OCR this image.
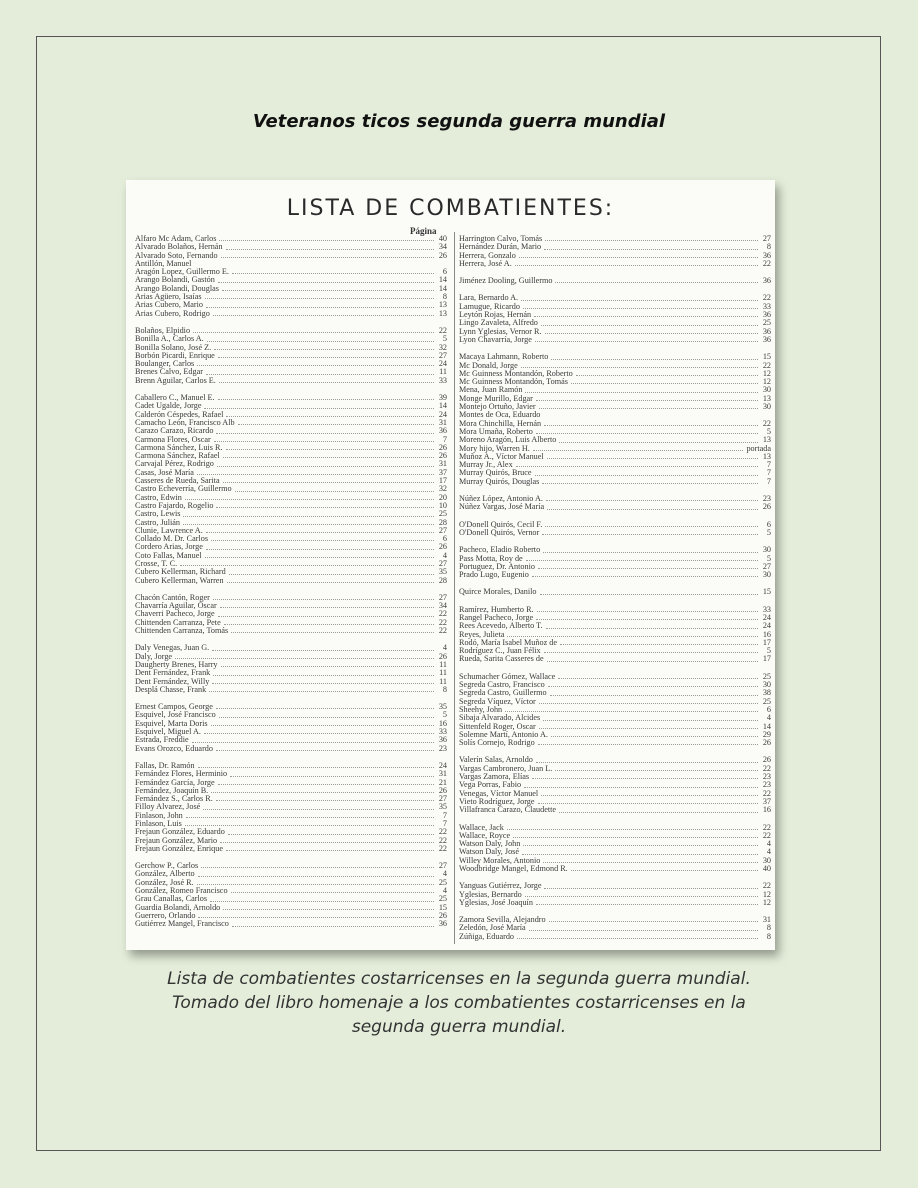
Veteranos ticos segunda guerra mundial
LISTA DE COMBATIENTES:
Página
Alfaro Mc Adam, Carlos	40
Alvarado Bolaños, Hernán	34
Alvarado Soto, Fernando	26
Antillón, Manuel
Aragón Lopez, Guillermo E.	6
Arango Bolandi, Gastón	14
Arango Bolandi, Douglas	14
Arias Agüero, Isaías	8
Arias Cubero, Mario	13
Arias Cubero, Rodrigo	13
Bolaños, Elpidio	22
Bonilla A., Carlos A.	5
Bonilla Solano, José Z.	32
Borbón Picardi, Enrique	27
Boulanger, Carlos	24
Brenes Calvo, Edgar	11
Brenn Aguilar, Carlos E.	33
Caballero C., Manuel E.	39
Cadet Ugalde, Jorge	14
Calderón Céspedes, Rafael	24
Camacho León, Francisco Alb	31
Carazo Carazo, Ricardo	36
Carmona Flores, Oscar	7
Carmona Sánchez, Luis R.	26
Carmona Sánchez, Rafael	26
Carvajal Pérez, Rodrigo	31
Casas, José María	37
Casseres de Rueda, Sarita	17
Castro Echeverría, Guillermo	32
Castro, Edwin	20
Castro Fajardo, Rogelio	10
Castro, Lewis	25
Castro, Julián	28
Clunie, Lawrence A.	27
Collado M. Dr. Carlos	6
Cordero Arias, Jorge	26
Coto Fallas, Manuel	4
Crosse, T. C.	27
Cubero Kellerman, Richard	35
Cubero Kellerman, Warren	28
Chacón Cantón, Roger	27
Chavarría Aguilar, Oscar	34
Chaverri Pacheco, Jorge	22
Chittenden Carranza, Pete	22
Chittenden Carranza, Tomás	22
Daly Venegas, Juan G.	4
Daly, Jorge	26
Daugherty Brenes, Harry	11
Dent Fernández, Frank	11
Dent Fernández, Willy	11
Desplá Chasse, Frank	8
Ernest Campos, George	35
Esquivel, José Francisco	5
Esquivel, Marta Doris	16
Esquivel, Miguel A.	33
Estrada, Freddie	36
Evans Orozco, Eduardo	23
Fallas, Dr. Ramón	24
Fernández Flores, Herminio	31
Fernández García, Jorge	21
Fernández, Joaquín B.	26
Fernández S., Carlos R.	27
Filloy Alvarez, José	35
Finlason, John	7
Finlason, Luis	7
Frejaun González, Eduardo	22
Frejaun González, Mario	22
Frejaun González, Enrique	22
Gerchow P., Carlos	27
González, Alberto	4
González, José R.	25
González, Romeo Francisco	4
Grau Canallas, Carlos	25
Guardia Bolandi, Arnoldo	15
Guerrero, Orlando	26
Gutiérrez Mangel, Francisco	36
Harrington Calvo, Tomás	27
Hernández Durán, Mario	8
Herrera, Gonzalo	36
Herrera, José A.	22
Jiménez Dooling, Guillermo	36
Lara, Bernardo A.	22
Lamugue, Ricardo	33
Leytón Rojas, Hernán	36
Lingo Zavaleta, Alfredo	25
Lynn Yglesias, Vernor R.	36
Lyon Chavarría, Jorge	36
Macaya Lahmann, Roberto	15
Mc Donald, Jorge	22
Mc Guinness Montandón, Roberto	12
Mc Guinness Montandón, Tomás	12
Mena, Juan Ramón	30
Monge Murillo, Edgar	13
Montejo Ortuño, Javier	30
Montes de Oca, Eduardo
Mora Chinchilla, Hernán	22
Mora Umaña, Roberto	5
Moreno Aragón, Luis Alberto	13
Mory hijo, Warren H.	portada
Muñoz A., Víctor Manuel	13
Murray Jr., Alex	7
Murray Quirós, Bruce	7
Murray Quirós, Douglas	7
Núñez López, Antonio A.	23
Núñez Vargas, José María	26
O'Donell Quirós, Cecil F.	6
O'Donell Quirós, Vernor	5
Pacheco, Eladio Roberto	30
Pass Motta, Roy de	5
Portuguez, Dr. Antonio	27
Prado Lugo, Eugenio	30
Quirce Morales, Danilo	15
Ramírez, Humberto R.	33
Rangel Pacheco, Jorge	24
Rees Acevedo, Alberto T.	24
Reyes, Julieta	16
Rodó, María Isabel Muñoz de	17
Rodríguez C., Juan Félix	5
Rueda, Sarita Casseres de	17
Schumacher Gómez, Wallace	25
Segreda Castro, Francisco	30
Segreda Castro, Guillermo	38
Segreda Víquez, Víctor	25
Sheehy, John	6
Sibaja Alvarado, Alcides	4
Sittenfeld Roger, Oscar	14
Solemne Martí, Antonio A.	29
Solís Cornejo, Rodrigo	26
Valerín Salas, Arnoldo	26
Vargas Cambronero, Juan L.	22
Vargas Zamora, Elías	23
Vega Porras, Fabio	23
Venegas, Víctor Manuel	22
Vieto Rodríguez, Jorge	37
Villafranca Carazo, Claudette	16
Wallace, Jack	22
Wallace, Royce	22
Watson Daly, John	4
Watson Daly, José	4
Willey Morales, Antonio	30
Woodbridge Mangel, Edmond R.	40
Yanguas Gutiérrez, Jorge	22
Yglesias, Bernardo	12
Yglesias, José Joaquín	12
Zamora Sevilla, Alejandro	31
Zeledón, José María	8
Zúñiga, Eduardo	8
Lista de combatientes costarricenses en la segunda guerra mundial.
Tomado del libro homenaje a los combatientes costarricenses en la
segunda guerra mundial.
